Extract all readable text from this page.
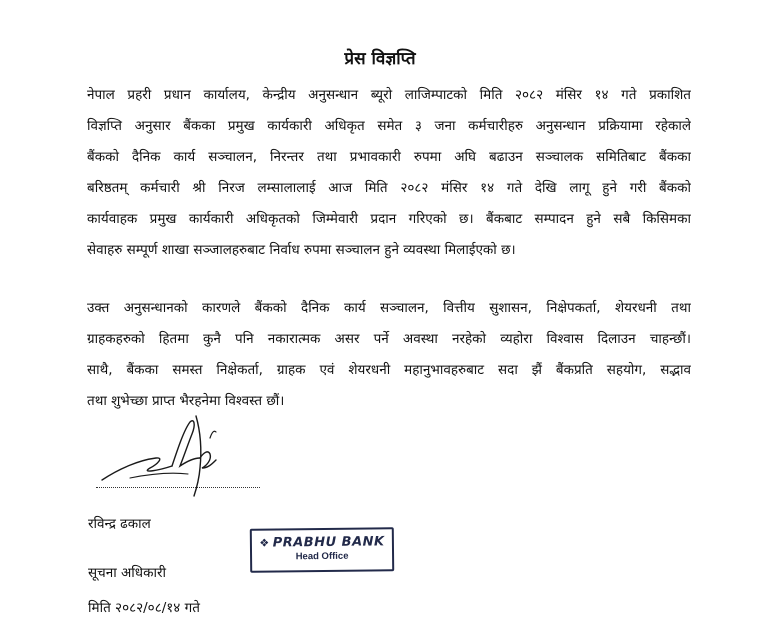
प्रेस विज्ञप्ति

नेपाल प्रहरी प्रधान कार्यालय, केन्द्रीय अनुसन्धान ब्यूरो लाजिम्पाटको मिति २०८२ मंसिर १४ गते प्रकाशित
विज्ञप्ति अनुसार बैंकका प्रमुख कार्यकारी अधिकृत समेत ३ जना कर्मचारीहरु अनुसन्धान प्रक्रियामा रहेकाले
बैंकको दैनिक कार्य सञ्चालन, निरन्तर तथा प्रभावकारी रुपमा अघि बढाउन सञ्चालक समितिबाट बैंकका
बरिष्ठतम् कर्मचारी श्री निरज लम्सालालाई आज मिति २०८२ मंसिर १४ गते देखि लागू हुने गरी बैंकको
कार्यवाहक प्रमुख कार्यकारी अधिकृतको जिम्मेवारी प्रदान गरिएको छ। बैंकबाट सम्पादन हुने सबै किसिमका
सेवाहरु सम्पूर्ण शाखा सञ्जालहरुबाट निर्वाध रुपमा सञ्चालन हुने व्यवस्था मिलाईएको छ।

उक्त अनुसन्धानको कारणले बैंकको दैनिक कार्य सञ्चालन, वित्तीय सुशासन, निक्षेपकर्ता, शेयरधनी तथा
ग्राहकहरुको हितमा कुनै पनि नकारात्मक असर पर्ने अवस्था नरहेको व्यहोरा विश्वास दिलाउन चाहन्छौं।
साथै, बैंकका समस्त निक्षेकर्ता, ग्राहक एवं शेयरधनी महानुभावहरुबाट सदा झैं बैंकप्रति सहयोग, सद्भाव
तथा शुभेच्छा प्राप्त भैरहनेमा विश्वस्त छौं।

रविन्द्र ढकाल
सूचना अधिकारी
मिति २०८२/०८/१४ गते
❖ PRABHU BANK
Head Office
